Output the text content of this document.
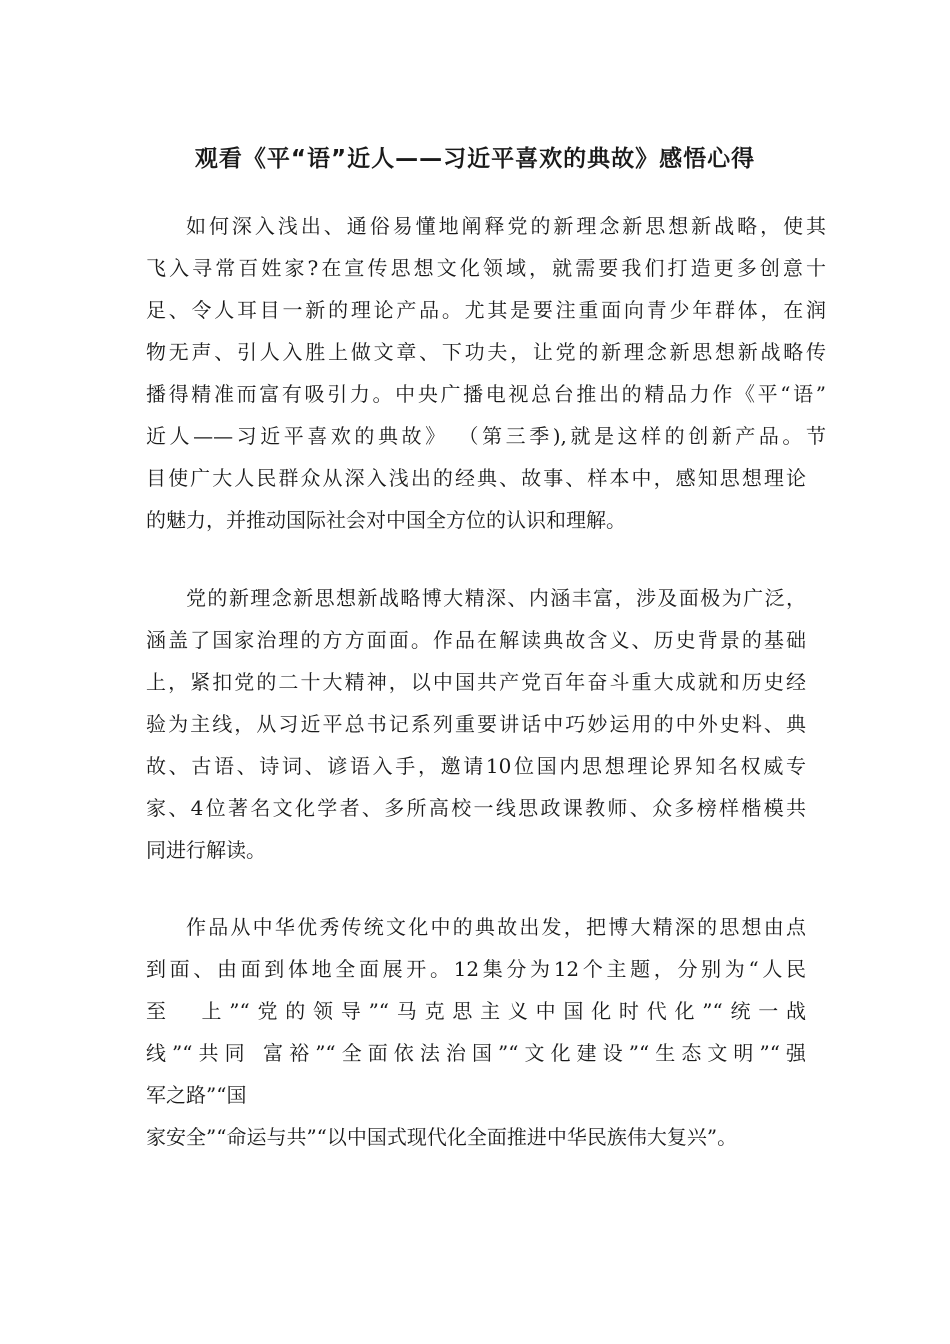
观看《平“语”近人——习近平喜欢的典故》感悟心得
如何深入浅出、通俗易懂地阐释党的新理念新思想新战略，使其
飞入寻常百姓家?在宣传思想文化领域，就需要我们打造更多创意十
足、令人耳目一新的理论产品。尤其是要注重面向青少年群体，在润
物无声、引人入胜上做文章、下功夫，让党的新理念新思想新战略传
播得精准而富有吸引力。中央广播电视总台推出的精品力作《平“语”
近人——习近平喜欢的典故》 （第三季),就是这样的创新产品。节
目使广大人民群众从深入浅出的经典、故事、样本中，感知思想理论
的魅力，并推动国际社会对中国全方位的认识和理解。
党的新理念新思想新战略博大精深、内涵丰富，涉及面极为广泛，
涵盖了国家治理的方方面面。作品在解读典故含义、历史背景的基础
上，紧扣党的二十大精神，以中国共产党百年奋斗重大成就和历史经
验为主线，从习近平总书记系列重要讲话中巧妙运用的中外史料、典
故、古语、诗词、谚语入手，邀请10位国内思想理论界知名权威专
家、4位著名文化学者、多所高校一线思政课教师、众多榜样楷模共
同进行解读。
作品从中华优秀传统文化中的典故出发，把博大精深的思想由点
到面、由面到体地全面展开。12集分为12个主题，分别为“人民
至　上”“党的领导”“马克思主义中国化时代化”“统一战
线”“共同 富裕”“全面依法治国”“文化建设”“生态文明”“强
军之路”“国
家安全”“命运与共”“以中国式现代化全面推进中华民族伟大复兴”。
